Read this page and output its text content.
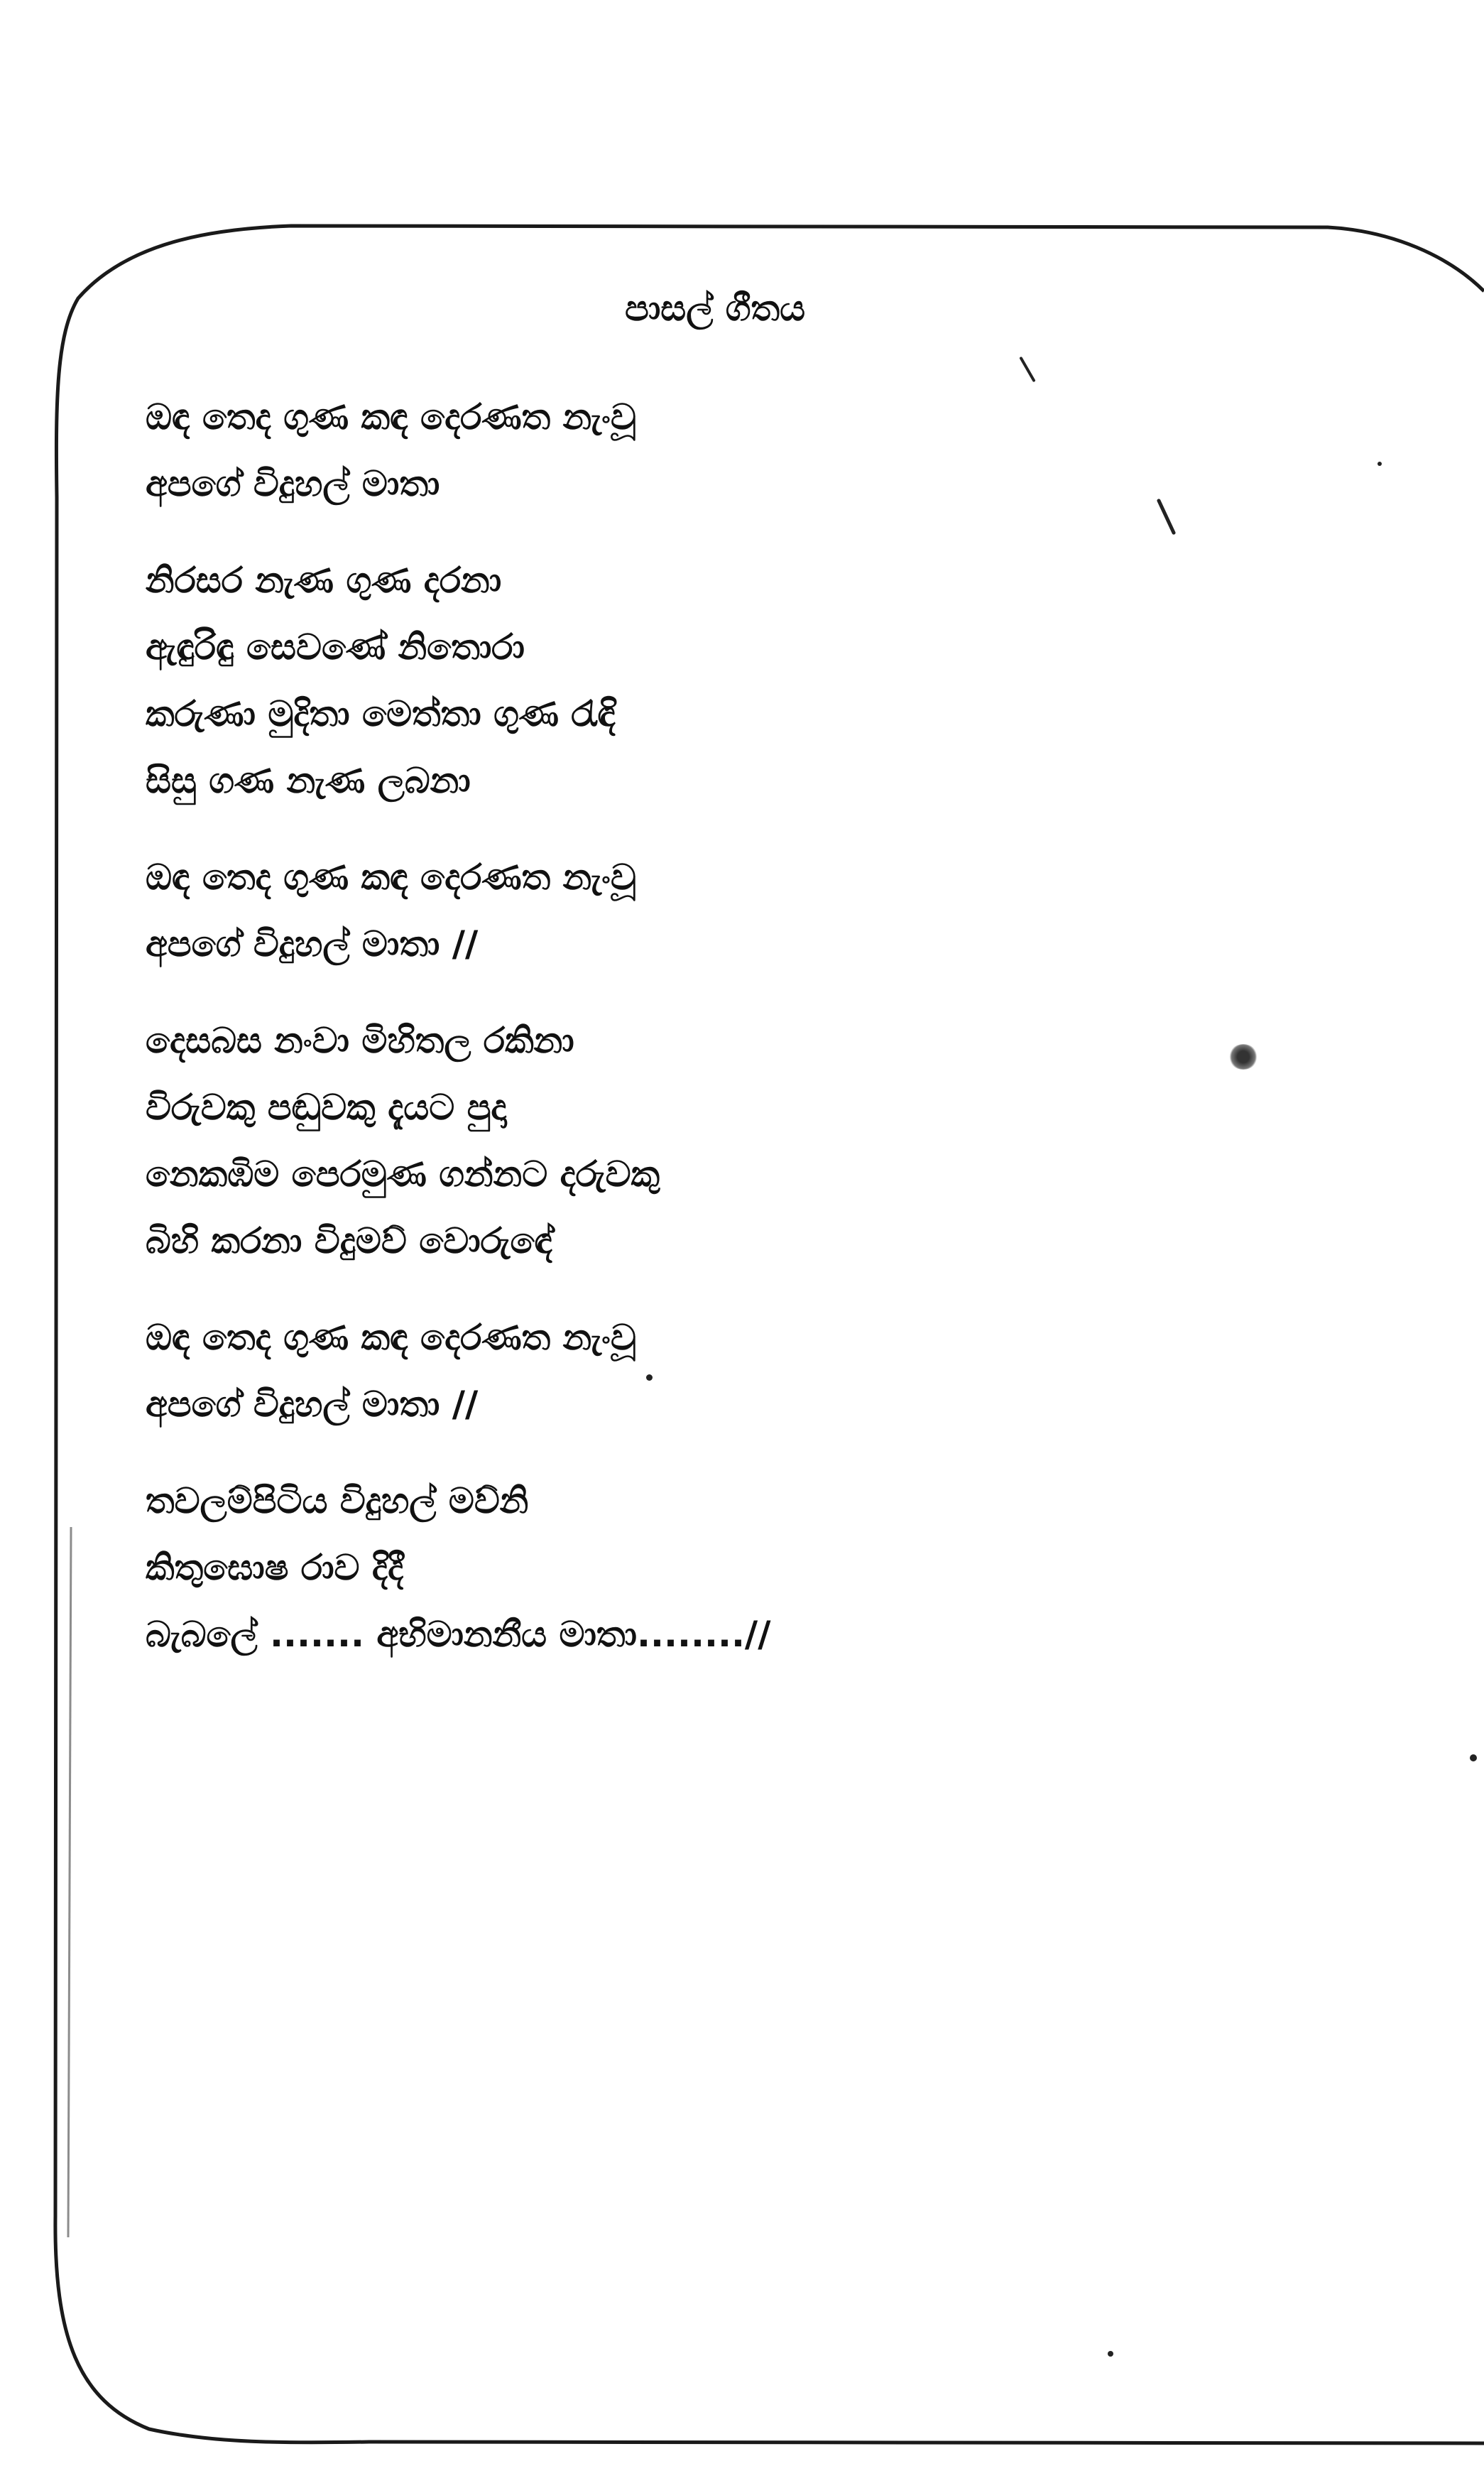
පාසල් ගීතය
ඔඳ තෙද ගුණ කඳ දෙරණත නැංවූ
අපගේ විදුහල් මාතා
නිරසර නැණ ගුණ දරනා
ඇඳුරිඳු සෙවණේ නිතොරා
කරුණා මුදිතා මෙත්තා ගුණ රැඳි
සිසු ගණ නැණ ලබනා
ඔඳ තෙද ගුණ කඳ දෙරණත නැංවූ
අපගේ විදුහල් මාතා //
දෙසබස නංවා මිහිතල රකිනා
විරුවකු පඬුවකු දැයට පුදා
නෙකඹිම පෙරමුණ ගන්නට දරුවකු
බිහි කරනා විදුමව් වොරුඳේ
ඔඳ තෙද ගුණ කඳ දෙරණත නැංවූ
අපගේ විදුහල් මාතා //
තවලම්පිටිය විදුහල් මව්නි
කිතුඝොෂ රාව දිදී
බැබලේ ....... අභිමානනීය මාතා........//
